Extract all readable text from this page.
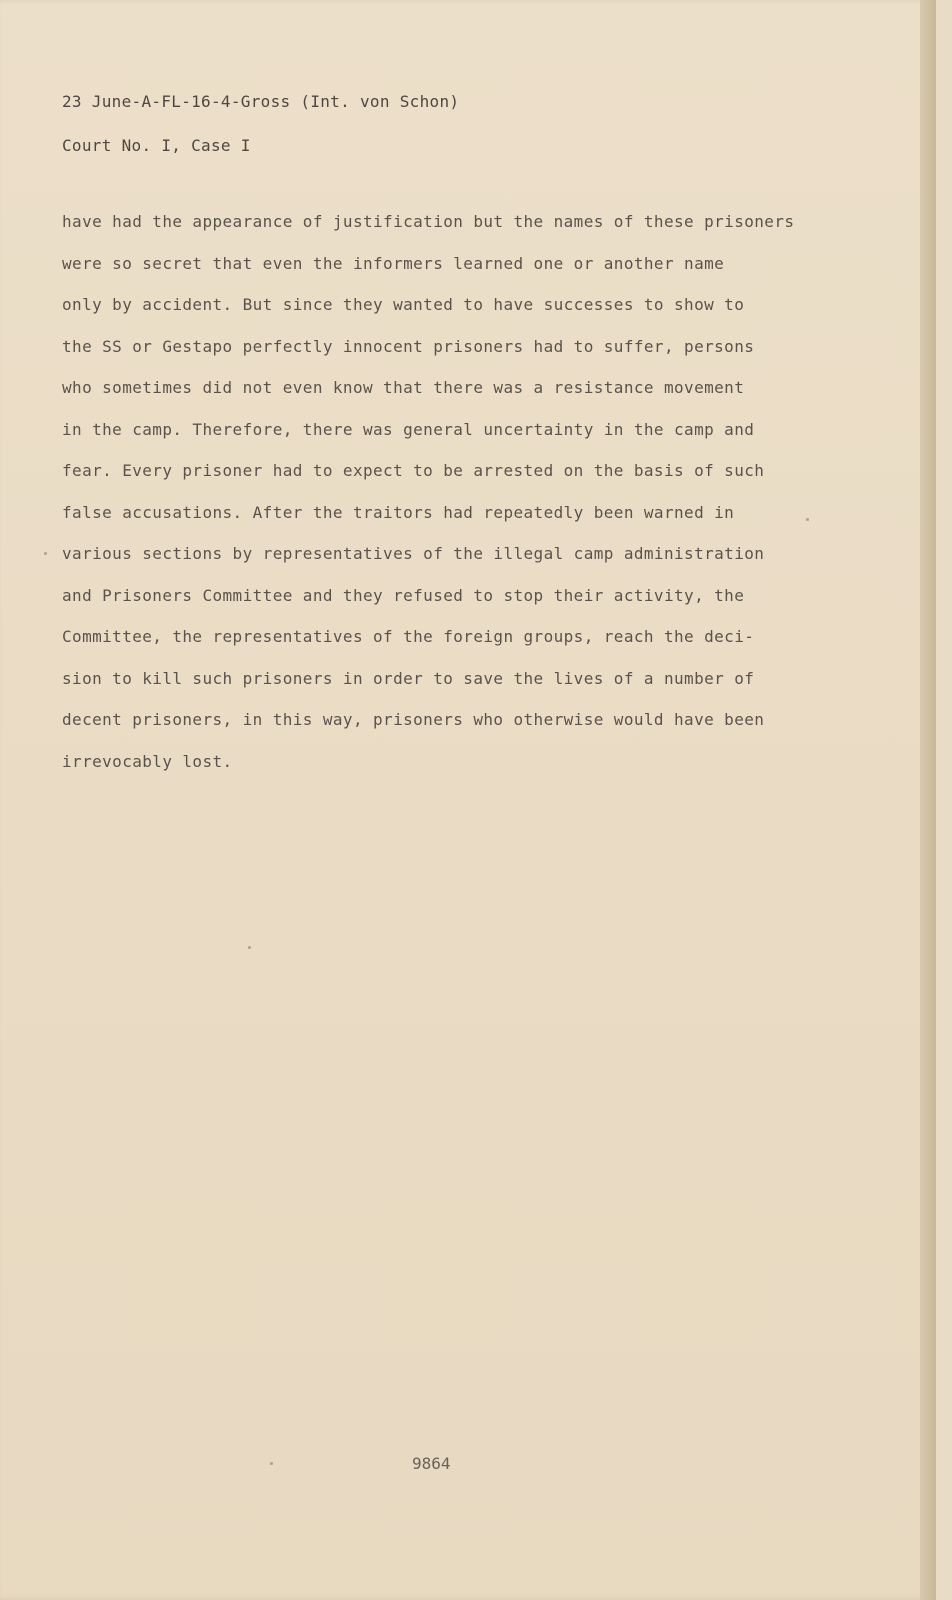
23 June-A-FL-16-4-Gross (Int. von Schon)
Court No. I, Case I
have had the appearance of justification but the names of these prisoners
were so secret that even the informers learned one or another name
only by accident. But since they wanted to have successes to show to
the SS or Gestapo perfectly innocent prisoners had to suffer, persons
who sometimes did not even know that there was a resistance movement
in the camp. Therefore, there was general uncertainty in the camp and
fear. Every prisoner had to expect to be arrested on the basis of such
false accusations. After the traitors had repeatedly been warned in
various sections by representatives of the illegal camp administration
and Prisoners Committee and they refused to stop their activity, the
Committee, the representatives of the foreign groups, reach the deci-
sion to kill such prisoners in order to save the lives of a number of
decent prisoners, in this way, prisoners who otherwise would have been
irrevocably lost.
9864
